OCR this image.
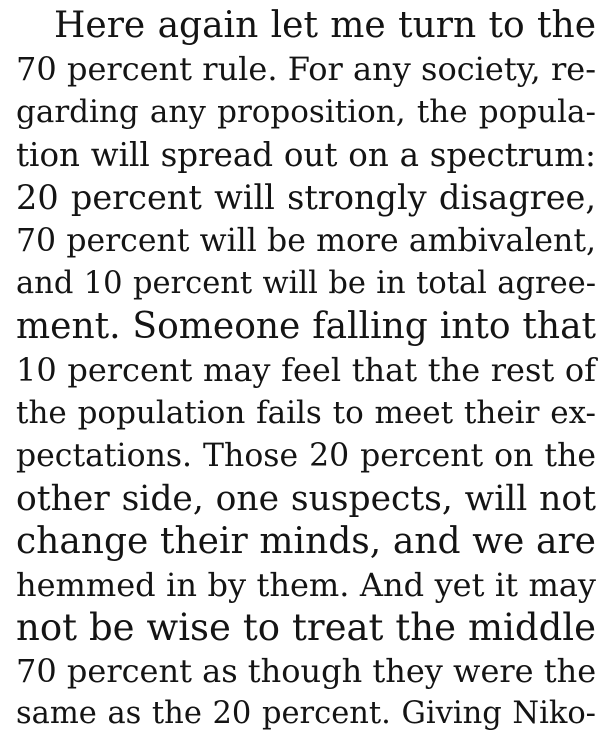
Here again let me turn to the
70 percent rule. For any society, re-
garding any proposition, the popula-
tion will spread out on a spectrum:
20 percent will strongly disagree,
70 percent will be more ambivalent,
and 10 percent will be in total agree-
ment. Someone falling into that
10 percent may feel that the rest of
the population fails to meet their ex-
pectations. Those 20 percent on the
other side, one suspects, will not
change their minds, and we are
hemmed in by them. And yet it may
not be wise to treat the middle
70 percent as though they were the
same as the 20 percent. Giving Niko-
